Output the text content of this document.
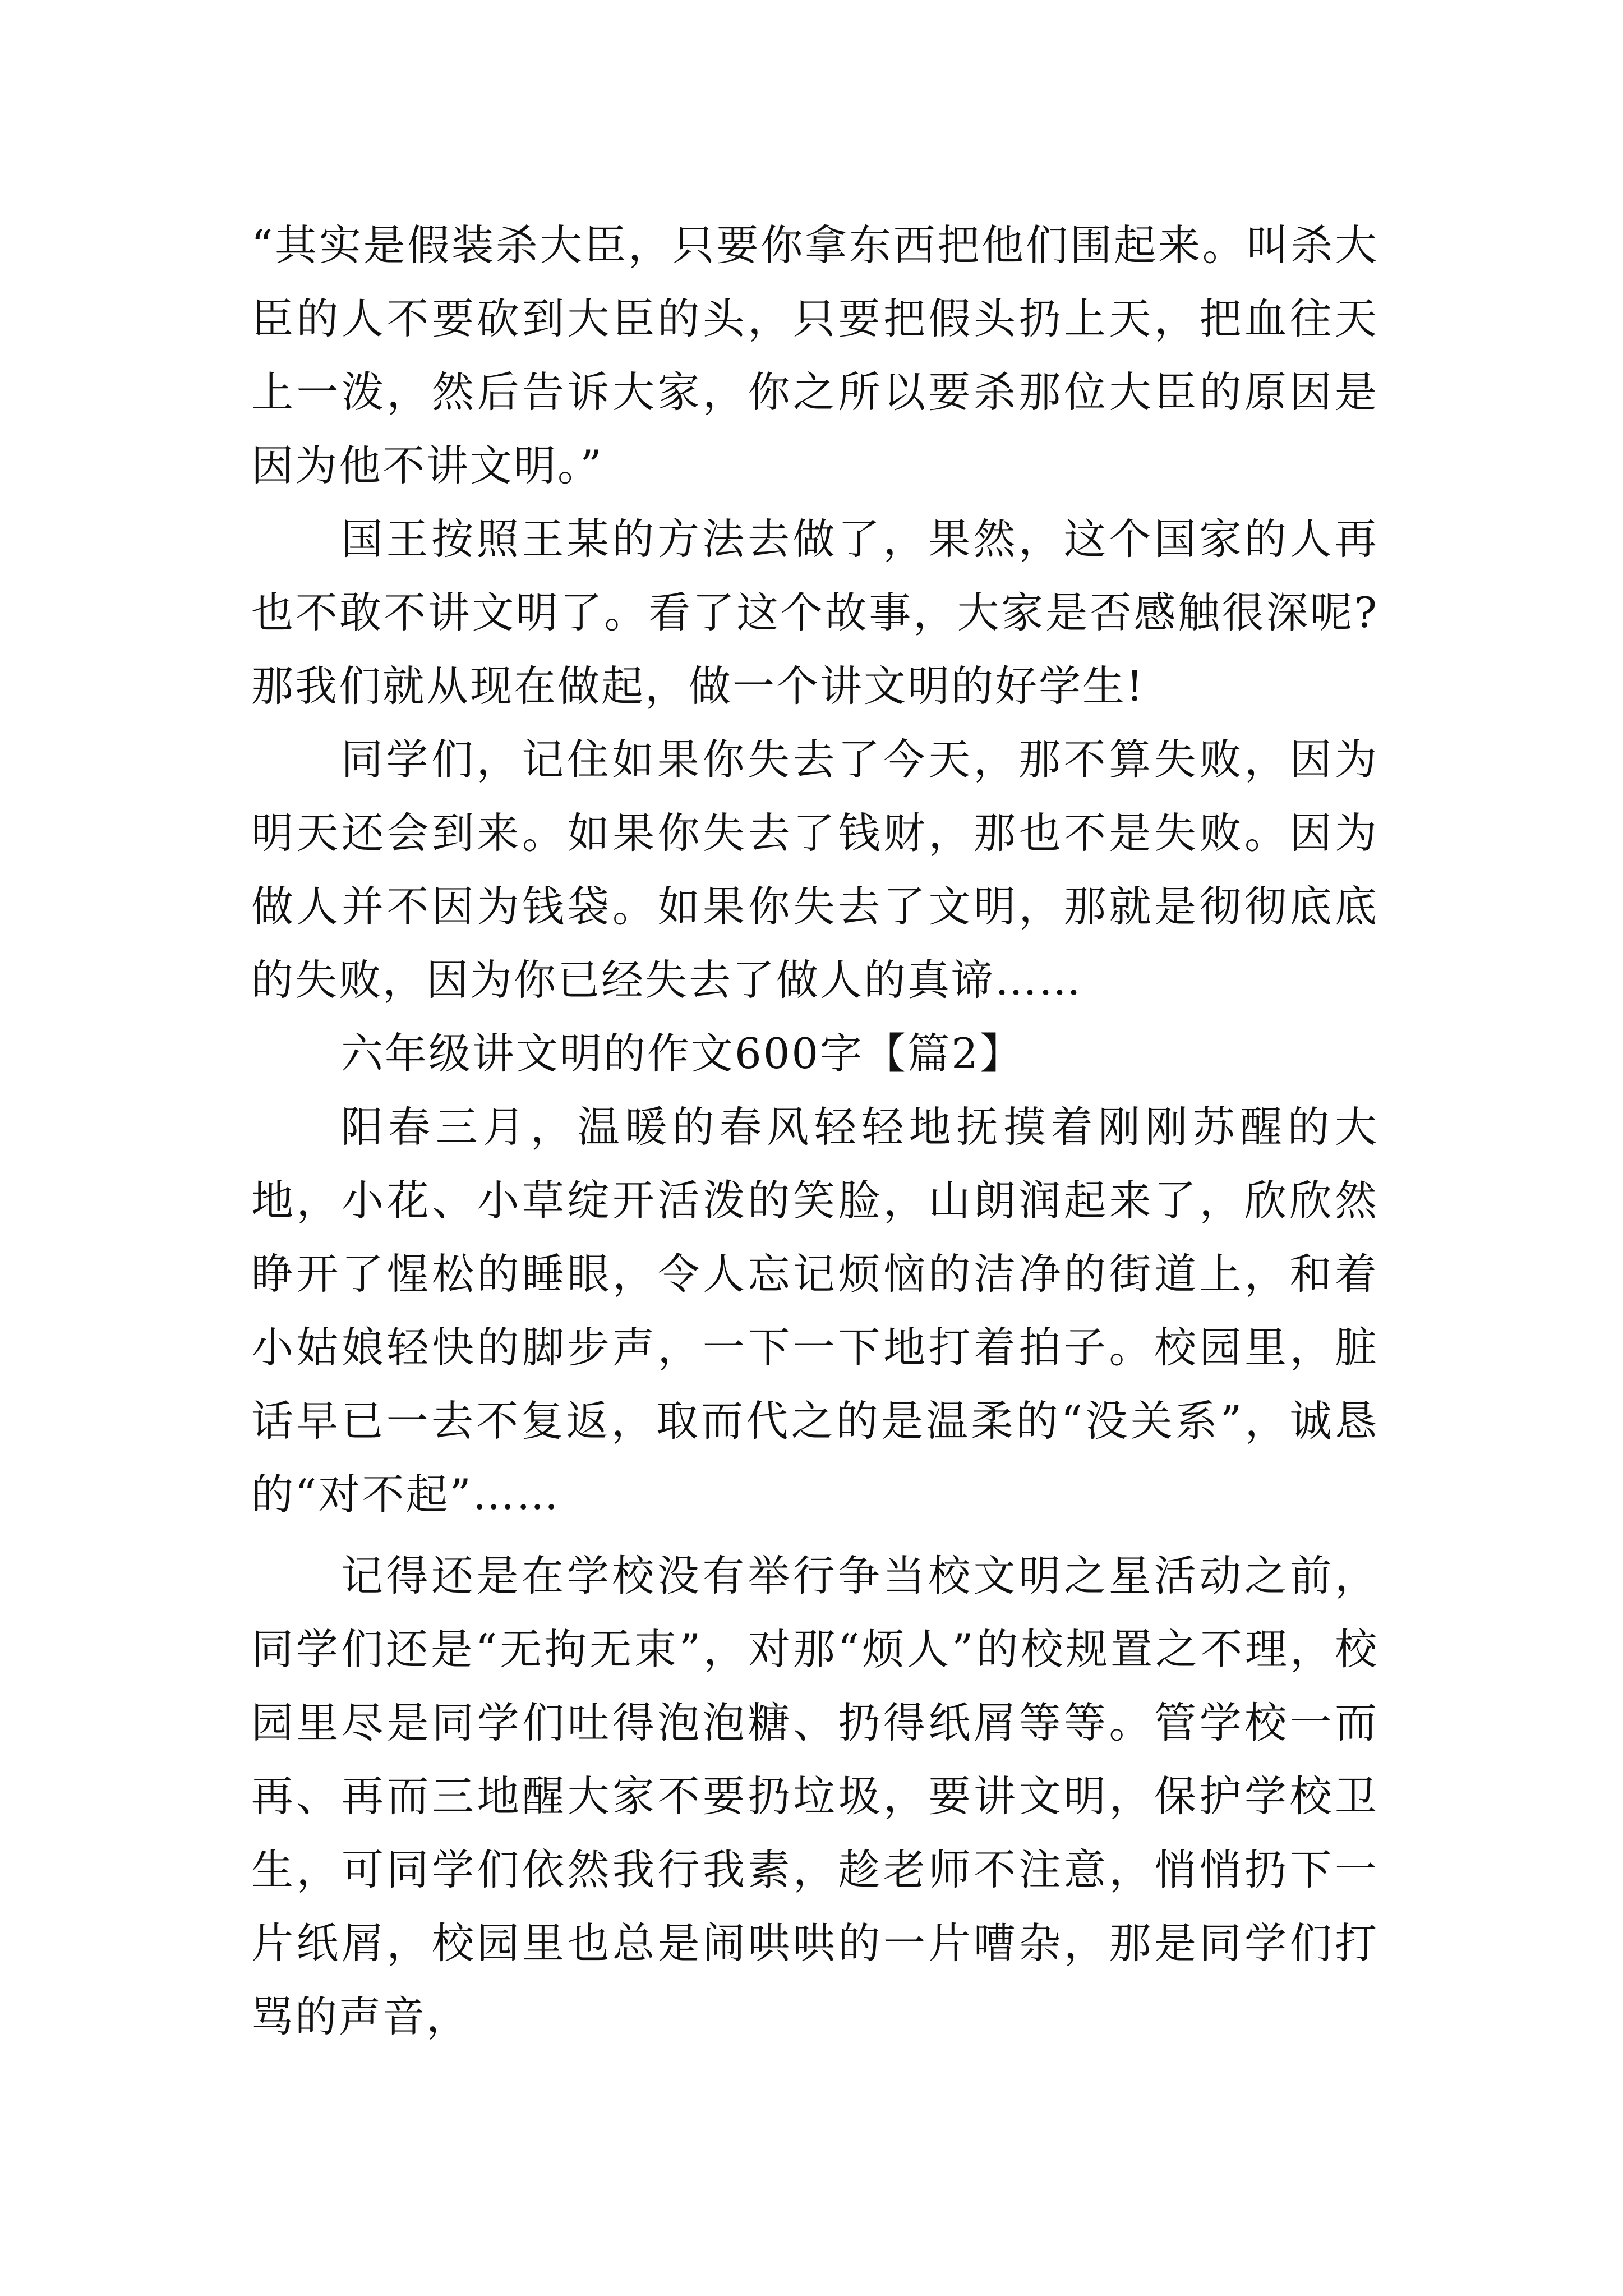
“其实是假装杀大臣，只要你拿东西把他们围起来。叫杀大臣的人不要砍到大臣的头，只要把假头扔上天，把血往天上一泼，然后告诉大家，你之所以要杀那位大臣的原因是因为他不讲文明。”

国王按照王某的方法去做了，果然，这个国家的人再也不敢不讲文明了。看了这个故事，大家是否感触很深呢?那我们就从现在做起，做一个讲文明的好学生!

同学们，记住如果你失去了今天，那不算失败，因为明天还会到来。如果你失去了钱财，那也不是失败。因为做人并不因为钱袋。如果你失去了文明，那就是彻彻底底的失败，因为你已经失去了做人的真谛……

六年级讲文明的作文600字【篇2】

阳春三月，温暖的春风轻轻地抚摸着刚刚苏醒的大地，小花、小草绽开活泼的笑脸，山朗润起来了，欣欣然睁开了惺松的睡眼，令人忘记烦恼的洁净的街道上，和着小姑娘轻快的脚步声，一下一下地打着拍子。校园里，脏话早已一去不复返，取而代之的是温柔的“没关系”，诚恳的“对不起”……

记得还是在学校没有举行争当校文明之星活动之前，同学们还是“无拘无束”，对那“烦人”的校规置之不理，校园里尽是同学们吐得泡泡糖、扔得纸屑等等。管学校一而再、再而三地醒大家不要扔垃圾，要讲文明，保护学校卫生，可同学们依然我行我素，趁老师不注意，悄悄扔下一片纸屑，校园里也总是闹哄哄的一片嘈杂，那是同学们打骂的声音，
